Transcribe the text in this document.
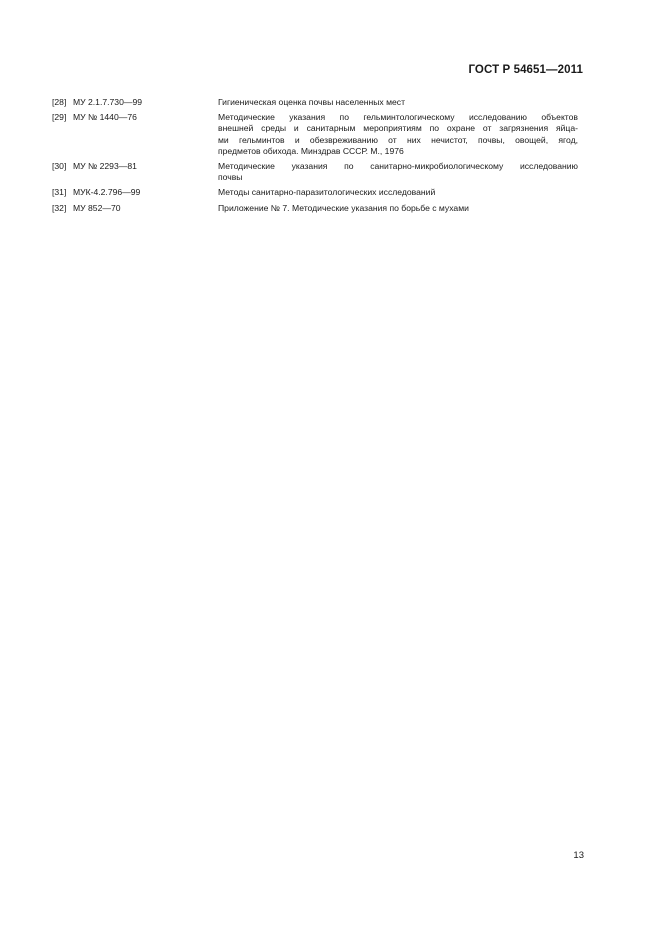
ГОСТ Р 54651—2011
[28] МУ 2.1.7.730—99	Гигиеническая оценка почвы населенных мест
[29] МУ № 1440—76	Методические указания по гельминтологическому исследованию объектов
внешней среды и санитарным мероприятиям по охране от загрязнения яйца-
ми гельминтов и обезвреживанию от них нечистот, почвы, овощей, ягод,
предметов обихода. Минздрав СССР. М., 1976
[30] МУ № 2293—81	Методические указания по санитарно-микробиологическому исследованию
почвы
[31] МУК-4.2.796—99	Методы санитарно-паразитологических исследований
[32] МУ 852—70	Приложение № 7. Методические указания по борьбе с мухами
13
